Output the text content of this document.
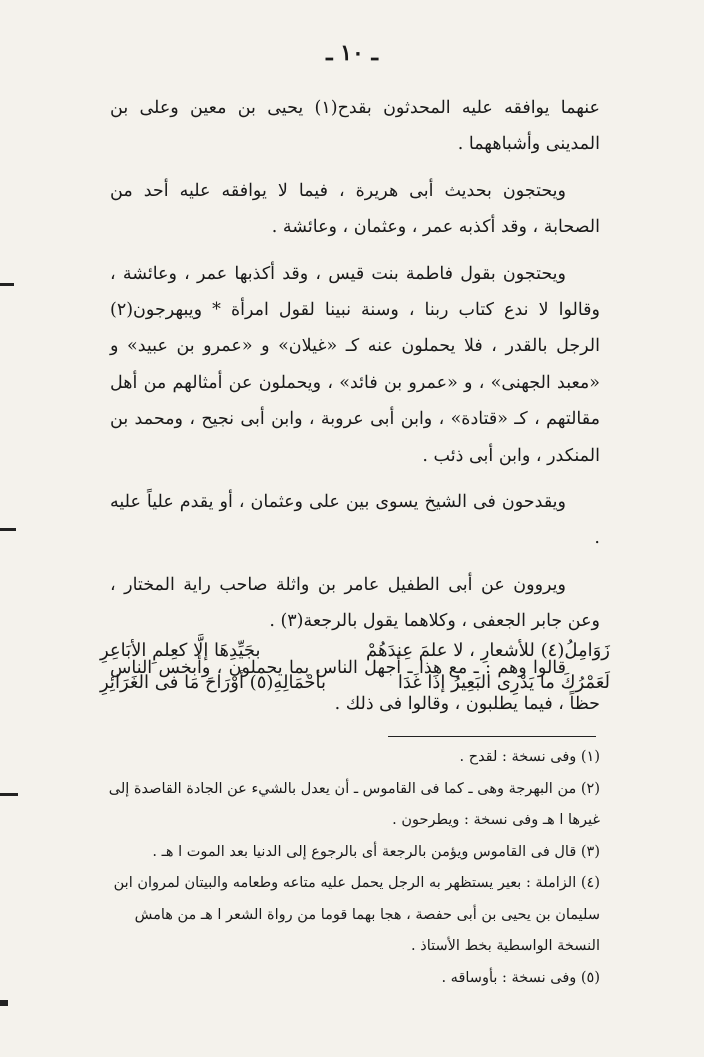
ـ ١٠ ـ

عنهما يوافقه عليه المحدثون بقدح(١) يحيى بن معين وعلى بن المدينى وأشباههما .

ويحتجون بحديث أبى هريرة ، فيما لا يوافقه عليه أحد من الصحابة ، وقد أكذبه عمر ، وعثمان ، وعائشة .

ويحتجون بقول فاطمة بنت قيس ، وقد أكذبها عمر ، وعائشة ، وقالوا لا ندع كتاب ربنا ، وسنة نبينا لقول امرأة * ويبهرجون(٢) الرجل بالقدر ، فلا يحملون عنه كـ «غيلان» و «عمرو بن عبيد» و «معبد الجهنى» ، و «عمرو بن فائد» ، ويحملون عن أمثالهم من أهل مقالتهم ، كـ «قتادة» ، وابن أبى عروبة ، وابن أبى نجيح ، ومحمد بن المنكدر ، وابن أبى ذئب .

ويقدحون فى الشيخ يسوى بين على وعثمان ، أو يقدم علياً عليه .

ويروون عن أبى الطفيل عامر بن واثلة صاحب راية المختار ، وعن جابر الجعفى ، وكلاهما يقول بالرجعة(٣) .

قالوا وهم : ـ مع هذا ـ أجهل الناس بما يحملون ، وأبخس الناس حظاً ، فيما يطلبون ، وقالوا فى ذلك .

زَوَامِلُ(٤) للأشعارِ ، لا علمَ عِندَهُمْ
بجَيِّدِهَا إلَّا كعِلمِ الأبَاعِرِ
لَعَمْرُكَ ما يَدْرِى البَعِيرُ إذَا غَدَا
بأحْمَالِهِ(٥) أوْرَاحَ مَا فى الغَرَائِرِ

(١) وفى نسخة : لقدح .

(٢) من البهرجة وهى ـ كما فى القاموس ـ أن يعدل بالشيء عن الجادة القاصدة إلى غيرها ا هـ وفى نسخة : ويطرحون .

(٣) قال فى القاموس ويؤمن بالرجعة أى بالرجوع إلى الدنيا بعد الموت ا هـ .

(٤) الزاملة : بعير يستظهر به الرجل يحمل عليه متاعه وطعامه والبيتان لمروان ابن سليمان بن يحيى بن أبى حفصة ، هجا بهما قوما من رواة الشعر ا هـ من هامش النسخة الواسطية بخط الأستاذ .

(٥) وفى نسخة : بأوساقه .
